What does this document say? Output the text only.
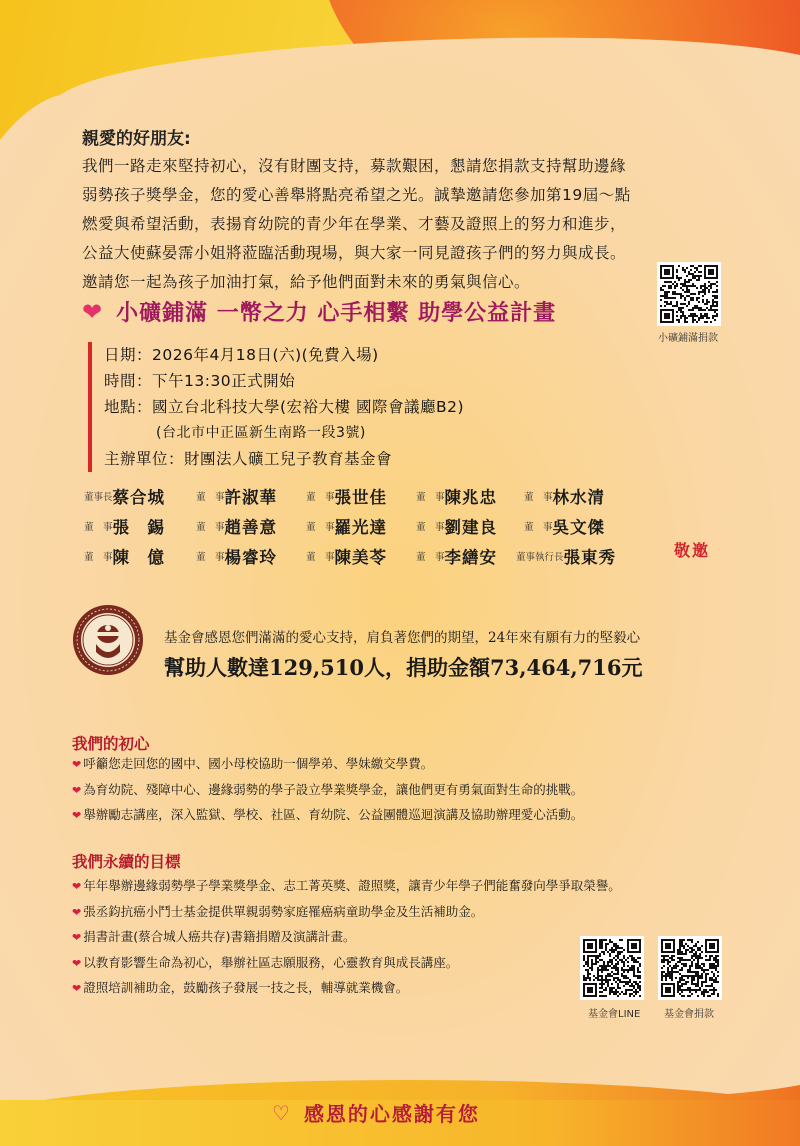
親愛的好朋友:
我們一路走來堅持初心，沒有財團支持，募款艱困，懇請您捐款支持幫助邊緣
弱勢孩子獎學金，您的愛心善舉將點亮希望之光。誠摯邀請您參加第19屆～點
燃愛與希望活動，表揚育幼院的青少年在學業、才藝及證照上的努力和進步，
公益大使蘇晏霈小姐將蒞臨活動現場，與大家一同見證孩子們的努力與成長。
邀請您一起為孩子加油打氣，給予他們面對未來的勇氣與信心。
小礦鋪滿捐款
❤ 小礦鋪滿 一幣之力 心手相繫 助學公益計畫
日期：2026年4月18日(六)(免費入場)
時間：下午13:30正式開始
地點：國立台北科技大學(宏裕大樓 國際會議廳B2)
(台北市中正區新生南路一段3號)
主辦單位：財團法人礦工兒子教育基金會
董事長蔡合城	董　事許淑華	董　事張世佳	董　事陳兆忠	董　事林水清
董　事張　錫	董　事趙善意	董　事羅光達	董　事劉建良	董　事吳文傑
董　事陳　億	董　事楊睿玲	董　事陳美苓	董　事李繕安 董事執行長張東秀	敬邀
基金會感恩您們滿滿的愛心支持，肩負著您們的期望，24年來有願有力的堅毅心
幫助人數達129,510人，捐助金額73,464,716元
我們的初心
❤ 呼籲您走回您的國中、國小母校協助一個學弟、學妹繳交學費。
❤ 為育幼院、殘障中心、邊緣弱勢的學子設立學業獎學金，讓他們更有勇氣面對生命的挑戰。
❤ 舉辦勵志講座，深入監獄、學校、社區、育幼院、公益團體巡迴演講及協助辦理愛心活動。
我們永續的目標
❤ 年年舉辦邊緣弱勢學子學業獎學金、志工菁英獎、證照獎，讓青少年學子們能奮發向學爭取榮譽。
❤ 張丞鈞抗癌小鬥士基金提供單親弱勢家庭罹癌病童助學金及生活補助金。
❤ 捐書計畫(蔡合城人癌共存)書籍捐贈及演講計畫。
❤ 以教育影響生命為初心，舉辦社區志願服務，心靈教育與成長講座。
❤ 證照培訓補助金，鼓勵孩子發展一技之長，輔導就業機會。
基金會LINE 基金會捐款
♡ 感恩的心感謝有您
